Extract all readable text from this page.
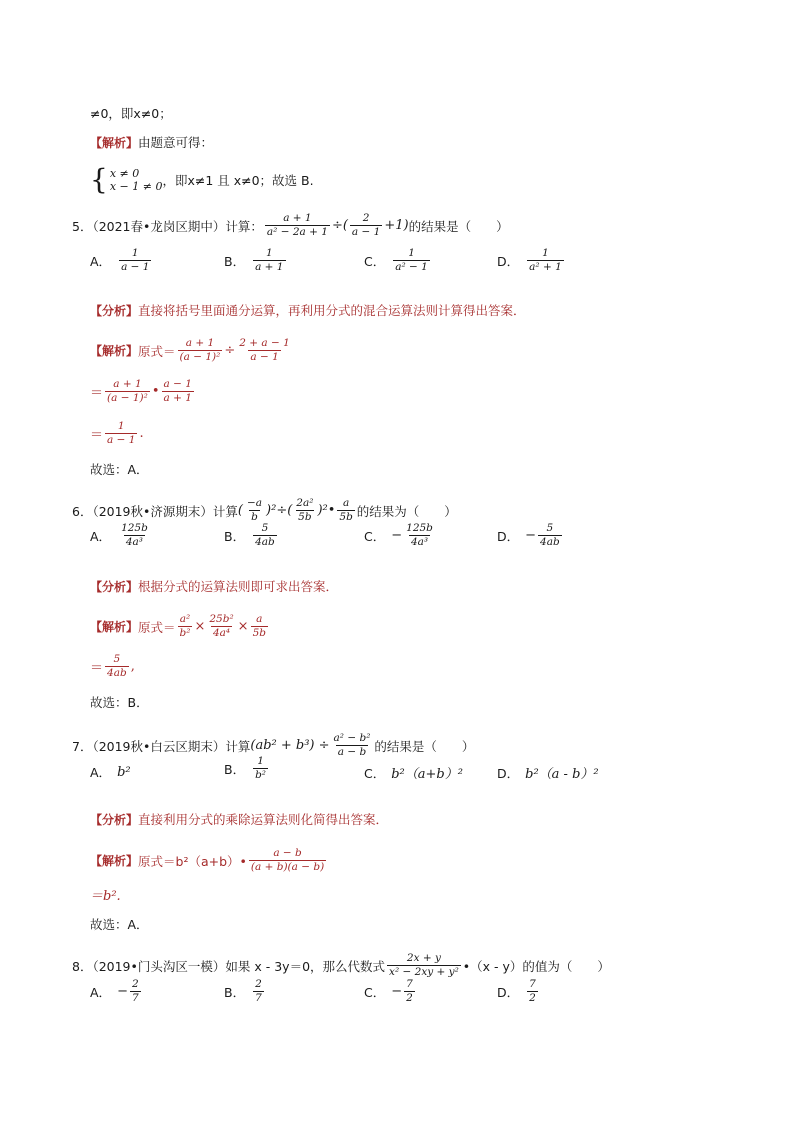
≠0，即x≠0；
【解析】 由题意可得：
{ x ≠ 0
x − 1 ≠ 0 ，即x≠1 且 x≠0；故选 B.
5．（2021春•龙岗区期中）计算： $\frac{a + 1}{\text{a² − 2a + 1}}$ ÷( $\frac{2}{a - 1} +1$) 的结果是（　　）
A． $\frac{1}{a - 1}$	B． $\frac{1}{a + 1}$	C． $\frac{1}{\text{a² − 1}}$	D． $\frac{1}{\text{a² + 1}}$
【分析】 直接将括号里面通分运算，再利用分式的混合运算法则计算得出答案．
【解析】 原式＝ $\frac{a + 1}{\text{(a − 1)²}} \div \frac{2 + a - 1}{a - 1}$
＝ $\frac{a + 1}{\text{(a − 1)²}}$ • $\frac{a - 1}{a + 1}$
＝ $\frac{1}{a - 1}$ .
故选：A．
6．（2019秋•济源期末）计算 ( $\frac{-a}{b} )^2\div( \frac{\text{2a²}}{5b}$ )²• $\frac{a}{5b}$ 的结果为（　　）
A． $\frac{125b}{\text{4a³}}$	B． $\frac{5}{4ab}$	C． − $\frac{125b}{\text{4a³}}$	D． − $\frac{5}{4ab}$
【分析】 根据分式的运算法则即可求出答案．
【解析】 原式＝ $\frac{\text{a²}}{\text{b²}} \times \frac{\text{25b²}}{\text{4a⁴}} \times \frac{a}{5b}$
＝ $\frac{5}{4ab}$ ,
故选：B．
7．（2019秋•白云区期末）计算 $(ab^2 + b^3) \div \frac{\text{a² − b²}}{a - b}$ 的结果是（　　）
A． b²	B． $\frac{1}{\text{b²}}$	C． b²（a+b）²	D． b²（a - b）²
【分析】 直接利用分式的乘除运算法则化简得出答案．
【解析】 原式＝b²（a+b）• $\frac{a - b}{(a + b)(a - b)}$
＝b².
故选：A．
8．（2019•门头沟区一模）如果 x - 3y＝0，那么代数式 $\frac{2x + y}{\text{x² − 2xy + y²}}$ •（x - y）的值为（　　）
A． − $\frac{2}{7}$	B． $\frac{2}{7}$	C． − $\frac{7}{2}$	D． $\frac{7}{2}$
